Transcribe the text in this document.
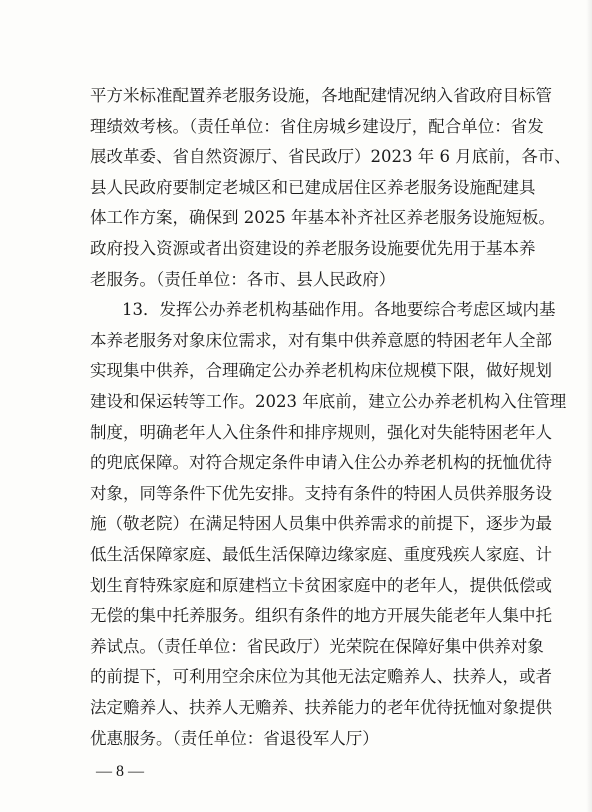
平方米标准配置养老服务设施，各地配建情况纳入省政府目标管
理绩效考核。（责任单位：省住房城乡建设厅，配合单位：省发
展改革委、省自然资源厅、省民政厅）2023 年 6 月底前，各市、
县人民政府要制定老城区和已建成居住区养老服务设施配建具
体工作方案，确保到 2025 年基本补齐社区养老服务设施短板。
政府投入资源或者出资建设的养老服务设施要优先用于基本养
老服务。（责任单位：各市、县人民政府）
13．发挥公办养老机构基础作用。各地要综合考虑区域内基
本养老服务对象床位需求，对有集中供养意愿的特困老年人全部
实现集中供养，合理确定公办养老机构床位规模下限，做好规划
建设和保运转等工作。2023 年底前，建立公办养老机构入住管理
制度，明确老年人入住条件和排序规则，强化对失能特困老年人
的兜底保障。对符合规定条件申请入住公办养老机构的抚恤优待
对象，同等条件下优先安排。支持有条件的特困人员供养服务设
施（敬老院）在满足特困人员集中供养需求的前提下，逐步为最
低生活保障家庭、最低生活保障边缘家庭、重度残疾人家庭、计
划生育特殊家庭和原建档立卡贫困家庭中的老年人，提供低偿或
无偿的集中托养服务。组织有条件的地方开展失能老年人集中托
养试点。（责任单位：省民政厅）光荣院在保障好集中供养对象
的前提下，可利用空余床位为其他无法定赡养人、扶养人，或者
法定赡养人、扶养人无赡养、扶养能力的老年优待抚恤对象提供
— 8 —
优惠服务。（责任单位：省退役军人厅）
